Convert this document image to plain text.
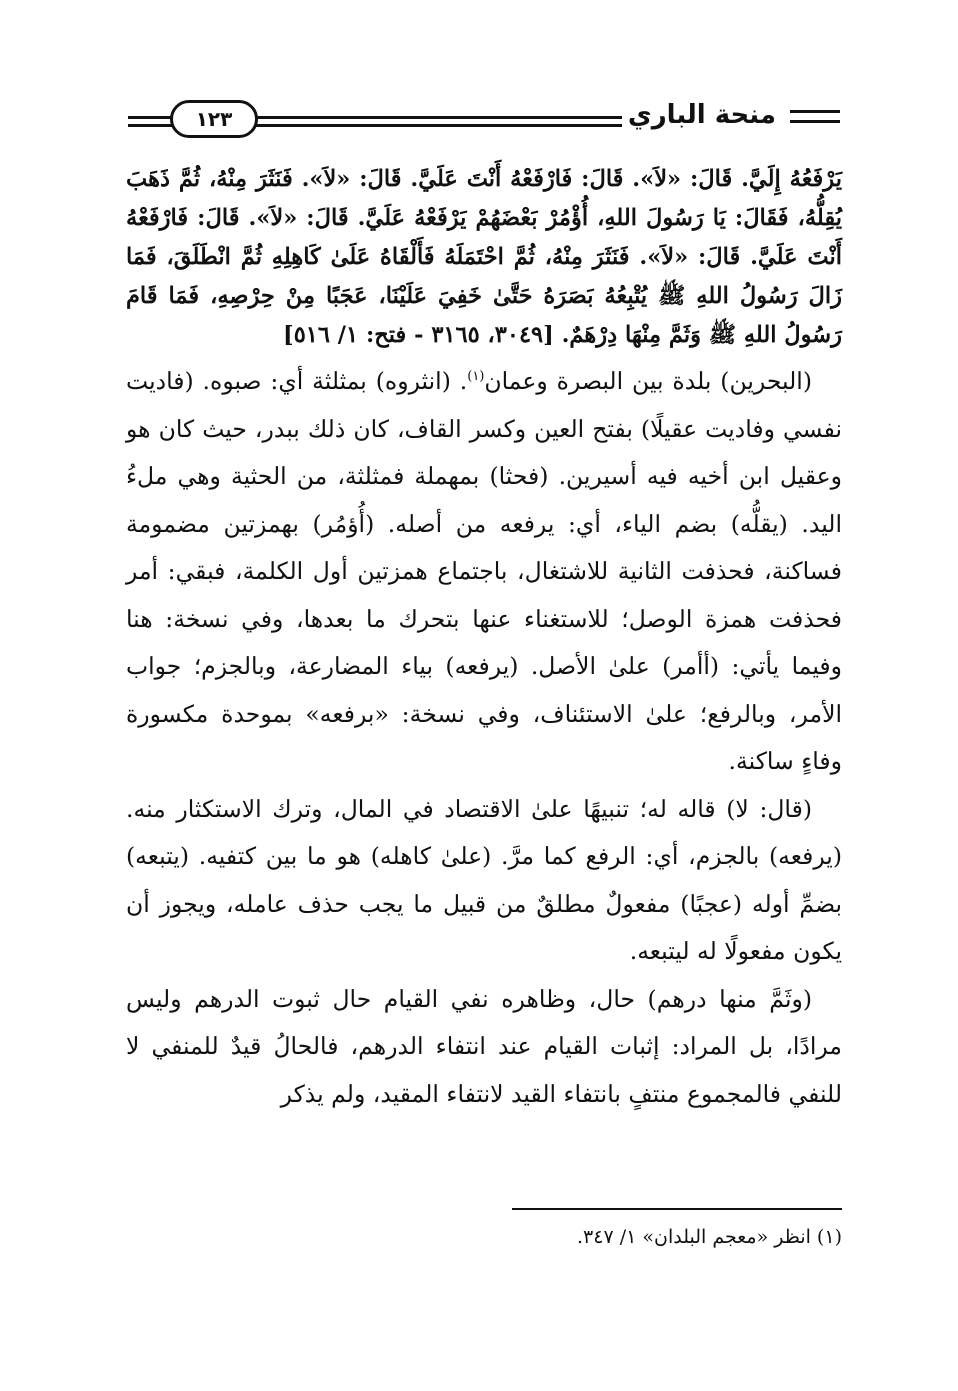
١٢٣	منحة الباري
يَرْفَعُهُ إِلَيَّ. قَالَ: «لاَ». قَالَ: فَارْفَعْهُ أَنْتَ عَلَيَّ. قَالَ: «لاَ». فَنَثَرَ مِنْهُ، ثُمَّ ذَهَبَ يُقِلُّهُ، فَقَالَ: يَا رَسُولَ اللهِ، أُؤْمُرْ بَعْضَهُمْ يَرْفَعْهُ عَلَيَّ. قَالَ: «لاَ». قَالَ: فَارْفَعْهُ أَنْتَ عَلَيَّ. قَالَ: «لاَ». فَنَثَرَ مِنْهُ، ثُمَّ احْتَمَلَهُ فَأَلْقَاهُ عَلَىٰ كَاهِلِهِ ثُمَّ انْطَلَقَ، فَمَا زَالَ رَسُولُ اللهِ ﷺ يُتْبِعُهُ بَصَرَهُ حَتَّىٰ خَفِيَ عَلَيْنَا، عَجَبًا مِنْ حِرْصِهِ، فَمَا قَامَ رَسُولُ اللهِ ﷺ وَثَمَّ مِنْهَا دِرْهَمٌ. [٣٠٤٩، ٣١٦٥ - فتح: ١/ ٥١٦]

(البحرين) بلدة بين البصرة وعمان$^{(١)}$. (انثروه) بمثلثة أي: صبوه. (فاديت نفسي وفاديت عقيلًا) بفتح العين وكسر القاف، كان ذلك ببدر، حيث كان هو وعقيل ابن أخيه فيه أسيرين. (فحثا) بمهملة فمثلثة، من الحثية وهي ملءُ اليد. (يقلُّه) بضم الياء، أي: يرفعه من أصله. (أُؤمُر) بهمزتين مضمومة فساكنة، فحذفت الثانية للاشتغال، باجتماع همزتين أول الكلمة، فبقي: أمر فحذفت همزة الوصل؛ للاستغناء عنها بتحرك ما بعدها، وفي نسخة: هنا وفيما يأتي: (أأمر) علىٰ الأصل. (يرفعه) بياء المضارعة، وبالجزم؛ جواب الأمر، وبالرفع؛ علىٰ الاستئناف، وفي نسخة: «برفعه» بموحدة مكسورة وفاءٍ ساكنة.

(قال: لا) قاله له؛ تنبيهًا علىٰ الاقتصاد في المال، وترك الاستكثار منه. (يرفعه) بالجزم، أي: الرفع كما مرَّ. (علىٰ كاهله) هو ما بين كتفيه. (يتبعه) بضمِّ أوله (عجبًا) مفعولٌ مطلقٌ من قبيل ما يجب حذف عامله، ويجوز أن يكون مفعولًا له ليتبعه.

(وثَمَّ منها درهم) حال، وظاهره نفي القيام حال ثبوت الدرهم وليس مرادًا، بل المراد: إثبات القيام عند انتفاء الدرهم، فالحالُ قيدٌ للمنفي لا للنفي فالمجموع منتفٍ بانتفاء القيد لانتفاء المقيد، ولم يذكر

(١) انظر «معجم البلدان» ١/ ٣٤٧.
